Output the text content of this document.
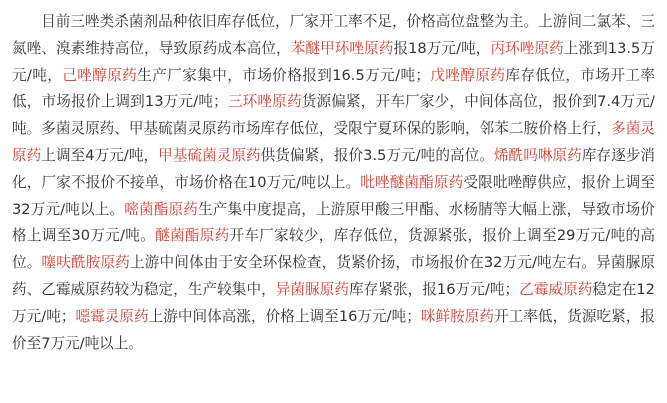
目前三唑类杀菌剂品种依旧库存低位，厂家开工率不足，价格高位盘整为主。上游间二氯苯、三氮唑、溴素维持高位，导致原药成本高位，苯醚甲环唑原药报18万元/吨，丙环唑原药上涨到13.5万元/吨，己唑醇原药生产厂家集中，市场价格报到16.5万元/吨；戊唑醇原药库存低位，市场开工率低，市场报价上调到13万元/吨；三环唑原药货源偏紧，开车厂家少，中间体高位，报价到7.4万元/吨。多菌灵原药、甲基硫菌灵原药市场库存低位，受限宁夏环保的影响，邻苯二胺价格上行，多菌灵原药上调至4万元/吨，甲基硫菌灵原药供货偏紧，报价3.5万元/吨的高位。烯酰吗啉原药库存逐步消化，厂家不报价不接单，市场价格在10万元/吨以上。吡唑醚菌酯原药受限吡唑醇供应，报价上调至32万元/吨以上。嘧菌酯原药生产集中度提高，上游原甲酸三甲酯、水杨腈等大幅上涨，导致市场价格上调至30万元/吨。醚菌酯原药开车厂家较少，库存低位，货源紧张，报价上调至29万元/吨的高位。噻呋酰胺原药上游中间体由于安全环保检查，货紧价扬，市场报价在32万元/吨左右。异菌脲原药、乙霉威原药较为稳定，生产较集中，异菌脲原药库存紧张，报16万元/吨；乙霉威原药稳定在12万元/吨；噁霉灵原药上游中间体高涨，价格上调至16万元/吨；咪鲜胺原药开工率低，货源吃紧，报价至7万元/吨以上。
